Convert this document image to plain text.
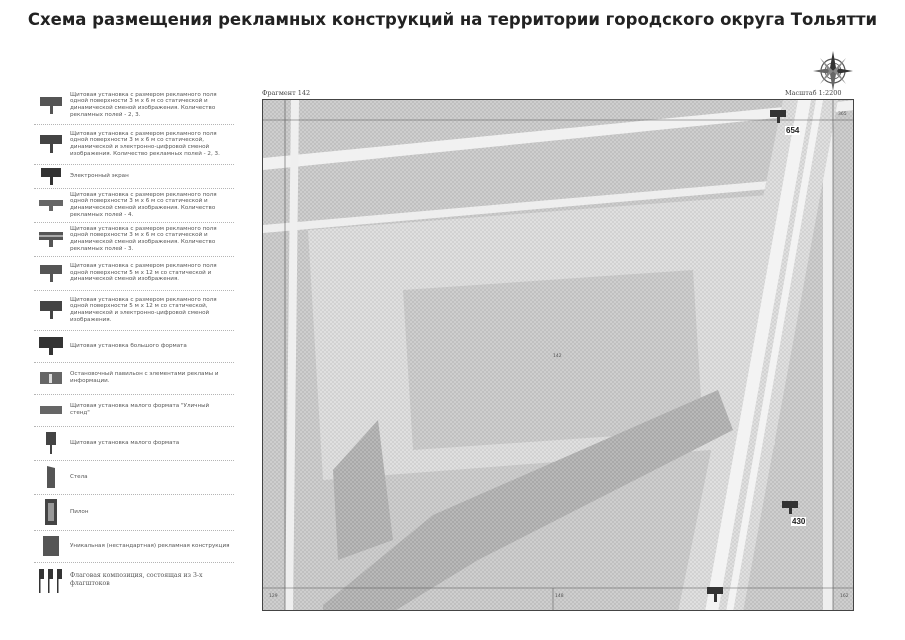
Схема размещения рекламных конструкций на территории городского округа Тольятти
Щитовая установка с размером рекламного поля одной поверхности 3 м х 6 м со статической и динамической сменой изображения. Количество рекламных полей - 2, 3.
Щитовая установка с размером рекламного поля одной поверхности 3 м х 6 м со статической, динамической и электронно-цифровой сменой изображения. Количество рекламных полей - 2, 3.
Электронный экран
Щитовая установка с размером рекламного поля одной поверхности 3 м х 6 м со статической и динамической сменой изображения. Количество рекламных полей - 4.
Щитовая установка с размером рекламного поля одной поверхности 3 м х 6 м со статической и динамической сменой изображения. Количество рекламных полей - 3.
Щитовая установка с размером рекламного поля одной поверхности 5 м х 12 м со статической и динамической сменой изображения.
Щитовая установка с размером рекламного поля одной поверхности 5 м х 12 м со статической, динамической и электронно-цифровой сменой изображения.
Щитовая установка большого формата
Остановочный павильон с элементами рекламы и информации.
Щитовая установка малого формата "Уличный стенд"
Щитовая установка малого формата
Стела
Пилон
Уникальная (нестандартная) рекламная конструкция
Флаговая композиция, состоящая из 3-х флагштоков
Фрагмент 142	Масштаб 1:2200
654
430
142
365
129	148	162
